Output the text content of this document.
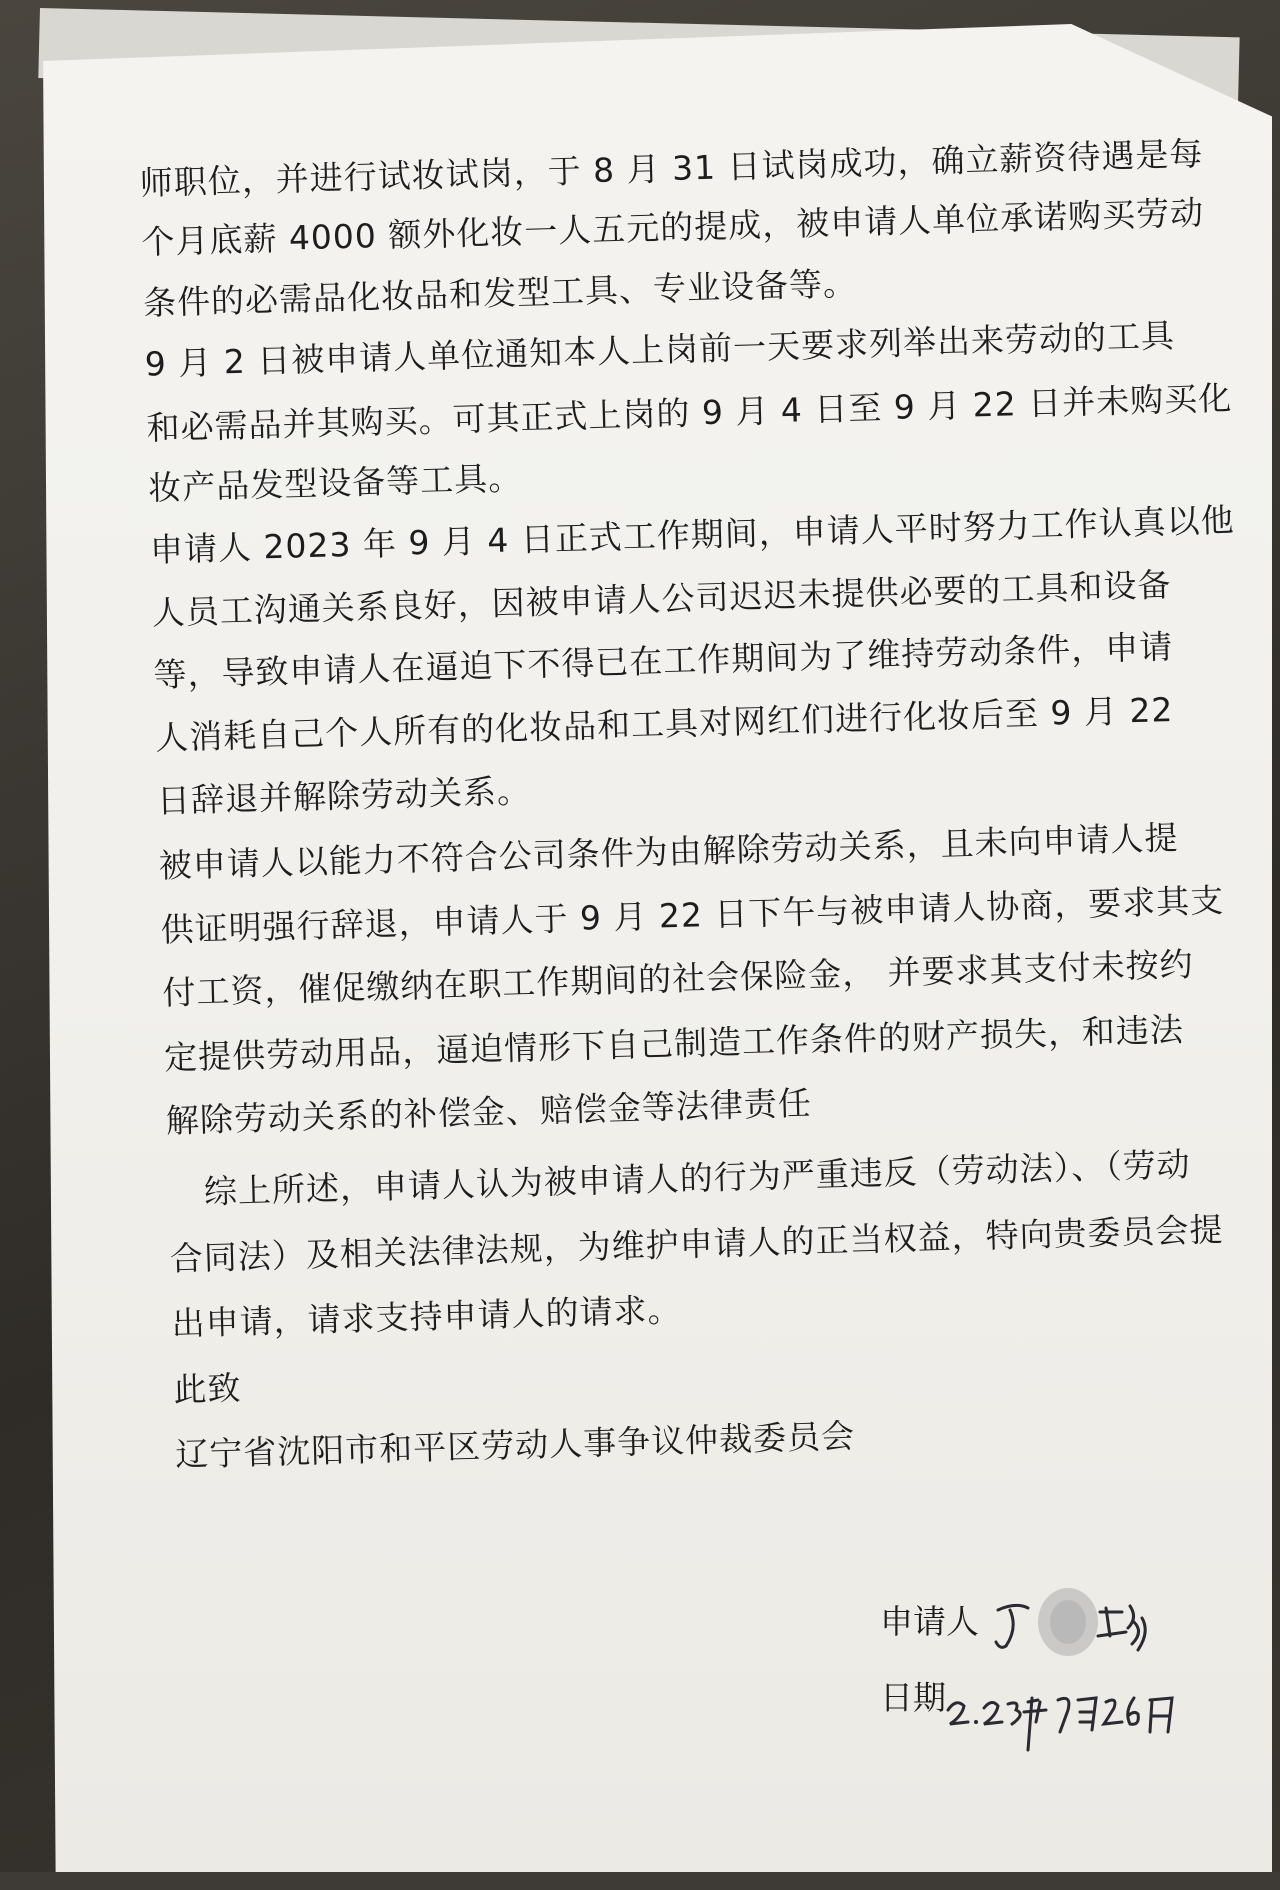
师职位，并进行试妆试岗，于 8 月 31 日试岗成功，确立薪资待遇是每
个月底薪 4000 额外化妆一人五元的提成，被申请人单位承诺购买劳动
条件的必需品化妆品和发型工具、专业设备等。
9 月 2 日被申请人单位通知本人上岗前一天要求列举出来劳动的工具
和必需品并其购买。可其正式上岗的 9 月 4 日至 9 月 22 日并未购买化
妆产品发型设备等工具。
申请人 2023 年 9 月 4 日正式工作期间，申请人平时努力工作认真以他
人员工沟通关系良好，因被申请人公司迟迟未提供必要的工具和设备
等，导致申请人在逼迫下不得已在工作期间为了维持劳动条件，申请
人消耗自己个人所有的化妆品和工具对网红们进行化妆后至 9 月 22
日辞退并解除劳动关系。
被申请人以能力不符合公司条件为由解除劳动关系，且未向申请人提
供证明强行辞退，申请人于 9 月 22 日下午与被申请人协商，要求其支
付工资，催促缴纳在职工作期间的社会保险金， 并要求其支付未按约
定提供劳动用品，逼迫情形下自己制造工作条件的财产损失，和违法
解除劳动关系的补偿金、赔偿金等法律责任
综上所述，申请人认为被申请人的行为严重违反（劳动法）、（劳动
合同法）及相关法律法规，为维护申请人的正当权益，特向贵委员会提
出申请，请求支持申请人的请求。
此致
辽宁省沈阳市和平区劳动人事争议仲裁委员会
申请人
日期
